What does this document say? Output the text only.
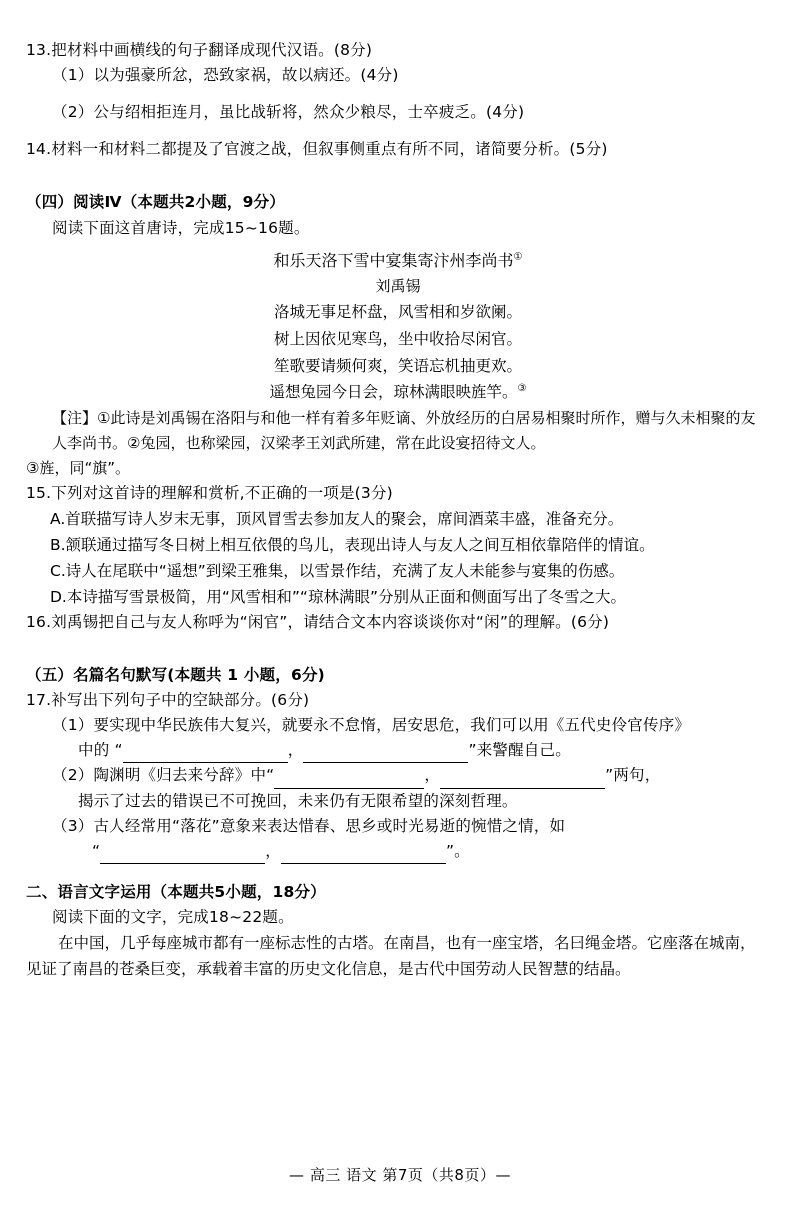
13.把材料中画横线的句子翻译成现代汉语。(8分)
（1）以为强豪所忿，恐致家祸，故以病还。(4分)
（2）公与绍相拒连月，虽比战斩将，然众少粮尽，士卒疲乏。(4分)
14.材料一和材料二都提及了官渡之战，但叙事侧重点有所不同，诸简要分析。(5分)
（四）阅读Ⅳ（本题共2小题，9分）
阅读下面这首唐诗，完成15~16题。
和乐天洛下雪中宴集寄汴州李尚书①
刘禹锡
洛城无事足杯盘，风雪相和岁欲阑。
树上因依见寒鸟，坐中收拾尽闲官。
笙歌要请频何爽，笑语忘机抽更欢。
遥想兔园今日会，琼林满眼映旌竿。③
【注】①此诗是刘禹锡在洛阳与和他一样有着多年贬谪、外放经历的白居易相聚时所作，赠与久未相聚的友人李尚书。②兔园，也称梁园，汉梁孝王刘武所建，常在此设宴招待文人。
③旌，同“旗”。
15.下列对这首诗的理解和赏析,不正确的一项是(3分)
A.首联描写诗人岁末无事，顶风冒雪去参加友人的聚会，席间酒菜丰盛，准备充分。
B.颔联通过描写冬日树上相互依偎的鸟儿，表现出诗人与友人之间互相依靠陪伴的情谊。
C.诗人在尾联中“遥想”到梁王雅集，以雪景作结，充满了友人未能参与宴集的伤感。
D.本诗描写雪景极简，用“风雪相和”“琼林满眼”分别从正面和侧面写出了冬雪之大。
16.刘禹锡把自己与友人称呼为“闲官”，请结合文本内容谈谈你对“闲”的理解。(6分)
（五）名篇名句默写(本题共 1 小题，6分)
17.补写出下列句子中的空缺部分。(6分)
（1）要实现中华民族伟大复兴，就要永不怠惰，居安思危，我们可以用《五代史伶官传序》
中的 “	，	”来警醒自己。
（2）陶渊明《归去来兮辞》中“	，	”两句，
揭示了过去的错误已不可挽回，未来仍有无限希望的深刻哲理。
（3）古人经常用“落花”意象来表达惜春、思乡或时光易逝的惋惜之情，如
“	，	”。
二、语言文字运用（本题共5小题，18分）
阅读下面的文字，完成18~22题。
在中国，几乎每座城市都有一座标志性的古塔。在南昌，也有一座宝塔，名曰绳金塔。它座落在城南，见证了南昌的苍桑巨变，承载着丰富的历史文化信息，是古代中国劳动人民智慧的结晶。
— 高三 语文 第7页（共8页）—
